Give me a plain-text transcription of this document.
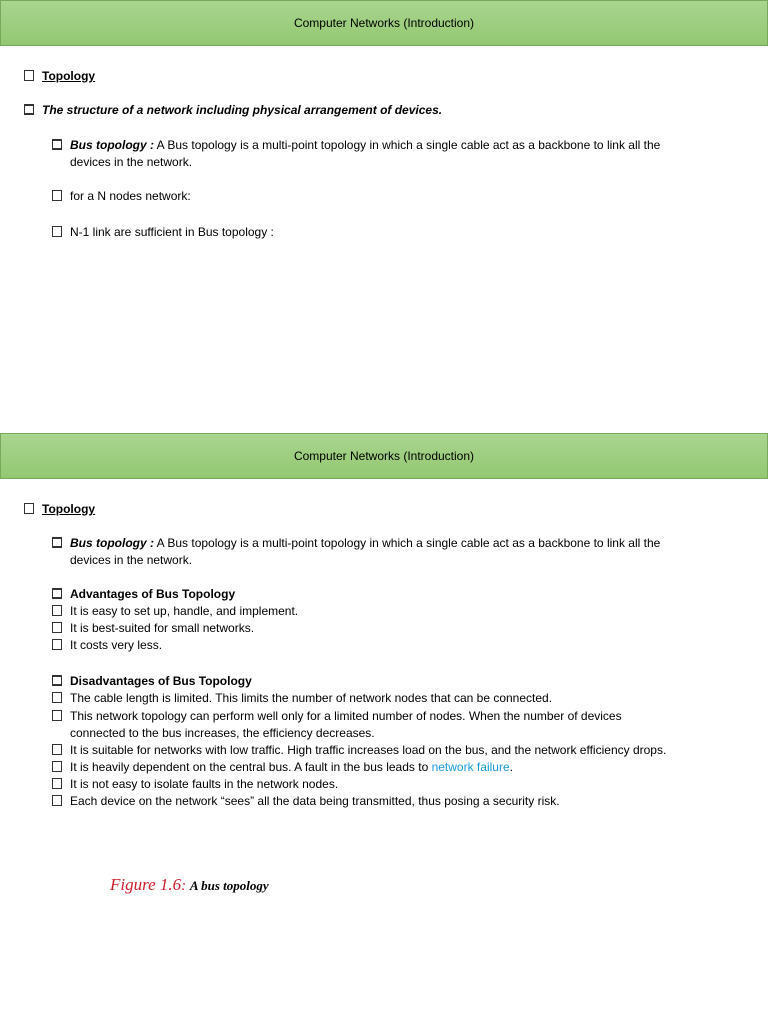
Computer Networks (Introduction)
Topology
The structure of a network including physical arrangement of devices.
Bus topology : A Bus topology is a multi-point topology in which a single cable act as a backbone to link all the
devices in the network.
for a N nodes network:
N-1 link are sufficient in Bus topology :
Computer Networks (Introduction)
Topology
Bus topology : A Bus topology is a multi-point topology in which a single cable act as a backbone to link all the
devices in the network.
Advantages of Bus Topology
It is easy to set up, handle, and implement.
It is best-suited for small networks.
It costs very less.
Disadvantages of Bus Topology
The cable length is limited. This limits the number of network nodes that can be connected.
This network topology can perform well only for a limited number of nodes. When the number of devices
connected to the bus increases, the efficiency decreases.
It is suitable for networks with low traffic. High traffic increases load on the bus, and the network efficiency drops.
It is heavily dependent on the central bus. A fault in the bus leads to network failure.
It is not easy to isolate faults in the network nodes.
Each device on the network “sees” all the data being transmitted, thus posing a security risk.
Figure 1.6: A bus topology
